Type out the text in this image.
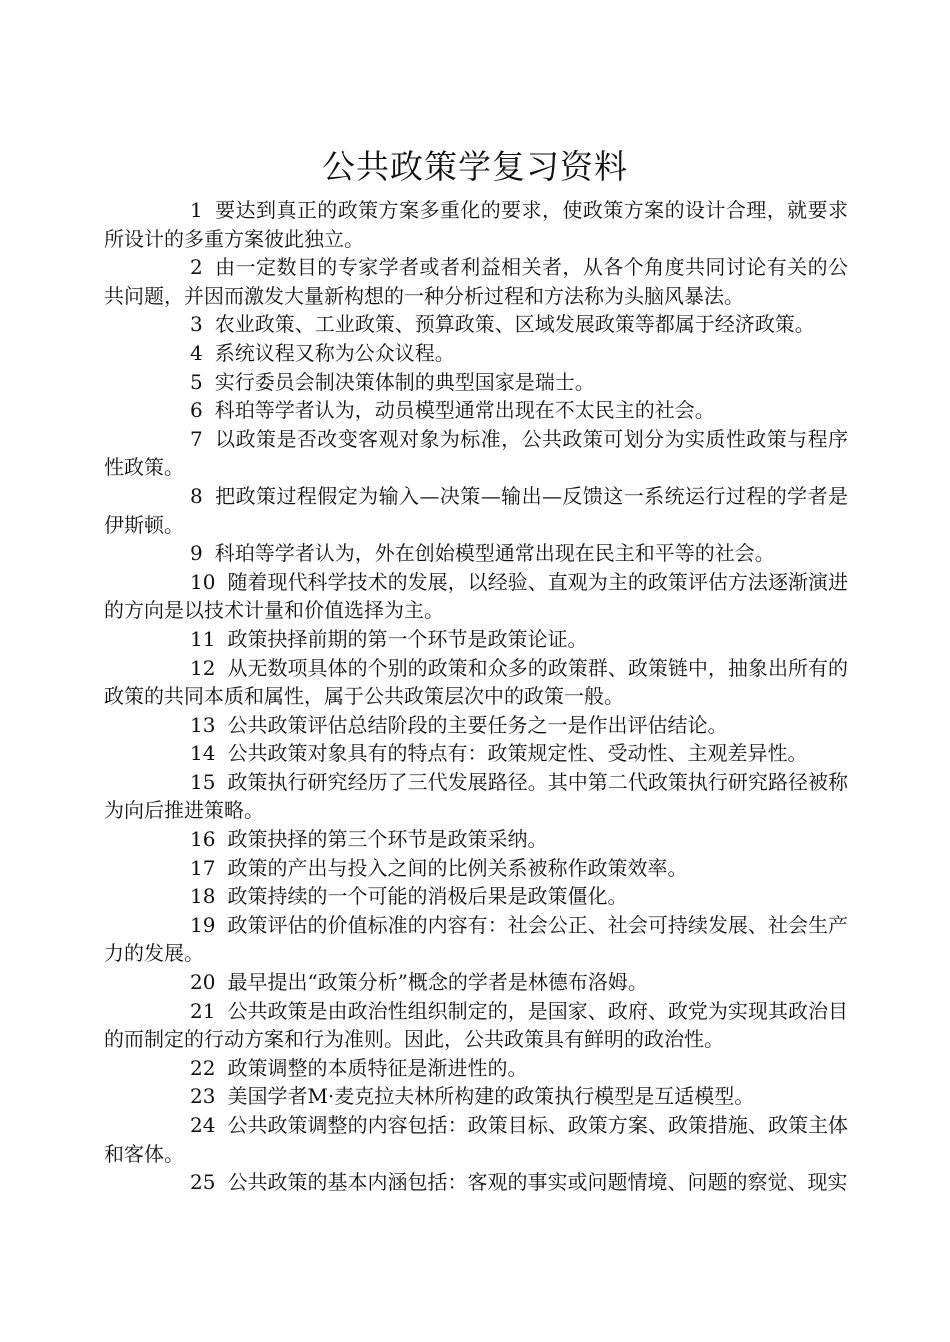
公共政策学复习资料

1 要达到真正的政策方案多重化的要求，使政策方案的设计合理，就要求所设计的多重方案彼此独立。

2 由一定数目的专家学者或者利益相关者，从各个角度共同讨论有关的公共问题，并因而激发大量新构想的一种分析过程和方法称为头脑风暴法。

3 农业政策、工业政策、预算政策、区域发展政策等都属于经济政策。

4 系统议程又称为公众议程。

5 实行委员会制决策体制的典型国家是瑞士。

6 科珀等学者认为，动员模型通常出现在不太民主的社会。

7 以政策是否改变客观对象为标准，公共政策可划分为实质性政策与程序性政策。

8 把政策过程假定为输入—决策—输出—反馈这一系统运行过程的学者是伊斯顿。

9 科珀等学者认为，外在创始模型通常出现在民主和平等的社会。

10 随着现代科学技术的发展，以经验、直观为主的政策评估方法逐渐演进的方向是以技术计量和价值选择为主。

11 政策抉择前期的第一个环节是政策论证。

12 从无数项具体的个别的政策和众多的政策群、政策链中，抽象出所有的政策的共同本质和属性，属于公共政策层次中的政策一般。

13 公共政策评估总结阶段的主要任务之一是作出评估结论。

14 公共政策对象具有的特点有：政策规定性、受动性、主观差异性。

15 政策执行研究经历了三代发展路径。其中第二代政策执行研究路径被称为向后推进策略。

16 政策抉择的第三个环节是政策采纳。

17 政策的产出与投入之间的比例关系被称作政策效率。

18 政策持续的一个可能的消极后果是政策僵化。

19 政策评估的价值标准的内容有：社会公正、社会可持续发展、社会生产力的发展。

20 最早提出“政策分析”概念的学者是林德布洛姆。

21 公共政策是由政治性组织制定的，是国家、政府、政党为实现其政治目的而制定的行动方案和行为准则。因此，公共政策具有鲜明的政治性。

22 政策调整的本质特征是渐进性的。

23 美国学者M·麦克拉夫林所构建的政策执行模型是互适模型。

24 公共政策调整的内容包括：政策目标、政策方案、政策措施、政策主体和客体。

25 公共政策的基本内涵包括：客观的事实或问题情境、问题的察觉、现实
